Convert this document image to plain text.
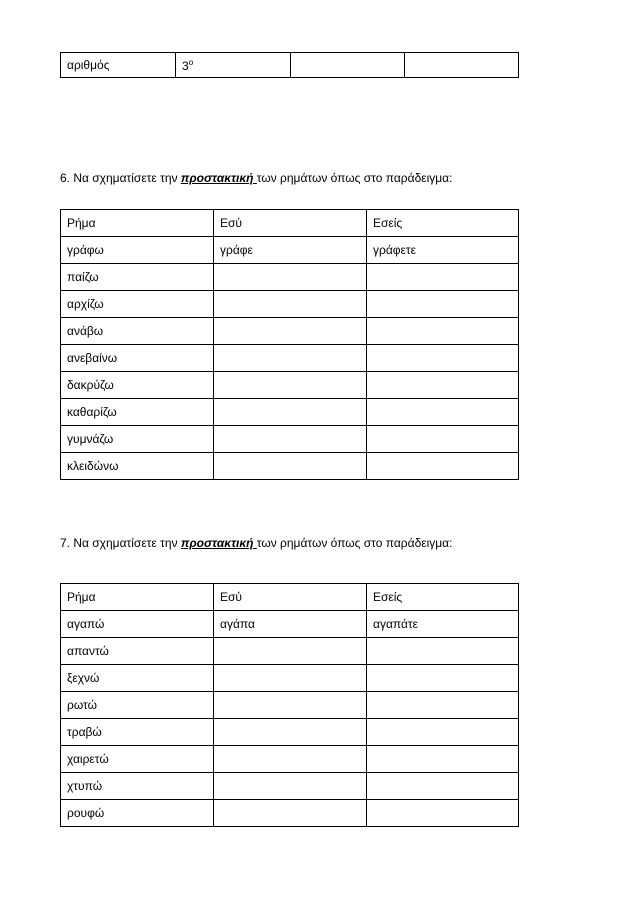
αριθμός	$3^o$		
6. Να σχηματίσετε την προστακτική των ρημάτων όπως στο παράδειγμα:
Ρήμα	Εσύ	Εσείς
γράφω	γράφε	γράφετε
παίζω		
αρχίζω		
ανάβω		
ανεβαίνω		
δακρύζω		
καθαρίζω		
γυμνάζω		
κλειδώνω		
7. Να σχηματίσετε την προστακτική των ρημάτων όπως στο παράδειγμα:
Ρήμα	Εσύ	Εσείς
αγαπώ	αγάπα	αγαπάτε
απαντώ		
ξεχνώ		
ρωτώ		
τραβώ		
χαιρετώ		
χτυπώ		
ρουφώ		
